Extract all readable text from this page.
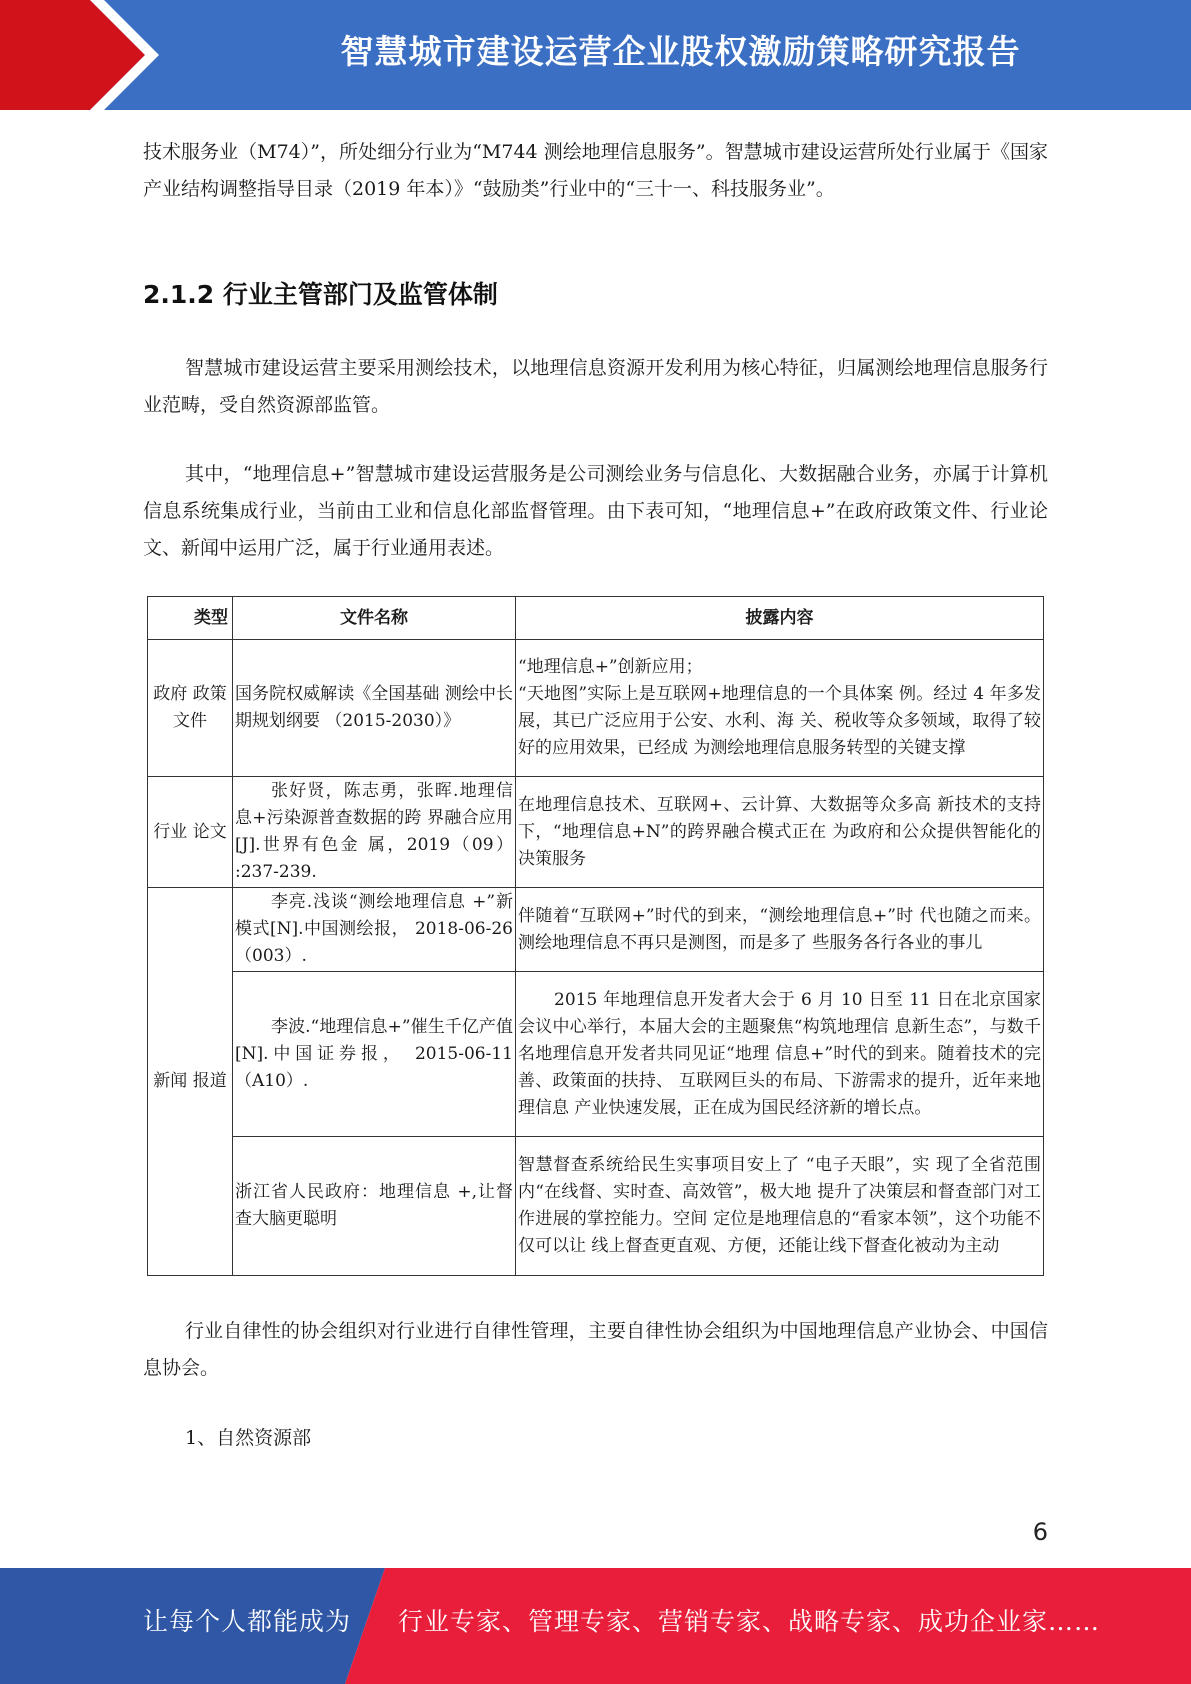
智慧城市建设运营企业股权激励策略研究报告

技术服务业（M74）”，所处细分行业为“M744 测绘地理信息服务”。智慧城市建设运营所处行业属于《国家产业结构调整指导目录（2019 年本）》“鼓励类”行业中的“三十一、科技服务业”。

2.1.2 行业主管部门及监管体制

智慧城市建设运营主要采用测绘技术，以地理信息资源开发利用为核心特征，归属测绘地理信息服务行业范畴，受自然资源部监管。

其中，“地理信息+”智慧城市建设运营服务是公司测绘业务与信息化、大数据融合业务，亦属于计算机信息系统集成行业，当前由工业和信息化部监督管理。由下表可知，“地理信息+”在政府政策文件、行业论文、新闻中运用广泛，属于行业通用表述。

类型	文件名称	披露内容
政府 政策 文件	国务院权威解读《全国基础 测绘中长期规划纲要 （2015-2030）》	“地理信息+”创新应用；
“天地图”实际上是互联网+地理信息的一个具体案 例。经过 4 年多发展，其已广泛应用于公安、水利、海 关、税收等众多领域，取得了较好的应用效果，已经成 为测绘地理信息服务转型的关键支撑

行业 论文	张好贤，陈志勇，张晖.地理信息+污染源普查数据的跨 界融合应用[J].世界有色金 属，2019（09） :237-239.	在地理信息技术、互联网+、云计算、大数据等众多高 新技术的支持下，“地理信息+N”的跨界融合模式正在 为政府和公众提供智能化的决策服务
新闻 报道	李亮.浅谈“测绘地理信息 +”新模式[N].中国测绘报， 2018-06-26 （003）.	伴随着“互联网+”时代的到来，“测绘地理信息+”时 代也随之而来。测绘地理信息不再只是测图，而是多了 些服务各行各业的事儿
	李波.“地理信息+”催生千亿产值[N].中国证券报， 2015-06-11（A10）.	2015 年地理信息开发者大会于 6 月 10 日至 11 日在北京国家会议中心举行，本届大会的主题聚焦“构筑地理信 息新生态”，与数千名地理信息开发者共同见证“地理 信息+”时代的到来。随着技术的完善、政策面的扶持、 互联网巨头的布局、下游需求的提升，近年来地理信息 产业快速发展，正在成为国民经济新的增长点。
	浙江省人民政府：地理信息 +,让督查大脑更聪明	智慧督查系统给民生实事项目安上了 “电子天眼”，实 现了全省范围内“在线督、实时查、高效管”，极大地 提升了决策层和督查部门对工作进展的掌控能力。空间 定位是地理信息的“看家本领”，这个功能不仅可以让 线上督查更直观、方便，还能让线下督查化被动为主动

行业自律性的协会组织对行业进行自律性管理，主要自律性协会组织为中国地理信息产业协会、中国信息协会。

1、自然资源部

6
让每个人都能成为 行业专家、管理专家、营销专家、战略专家、成功企业家……
